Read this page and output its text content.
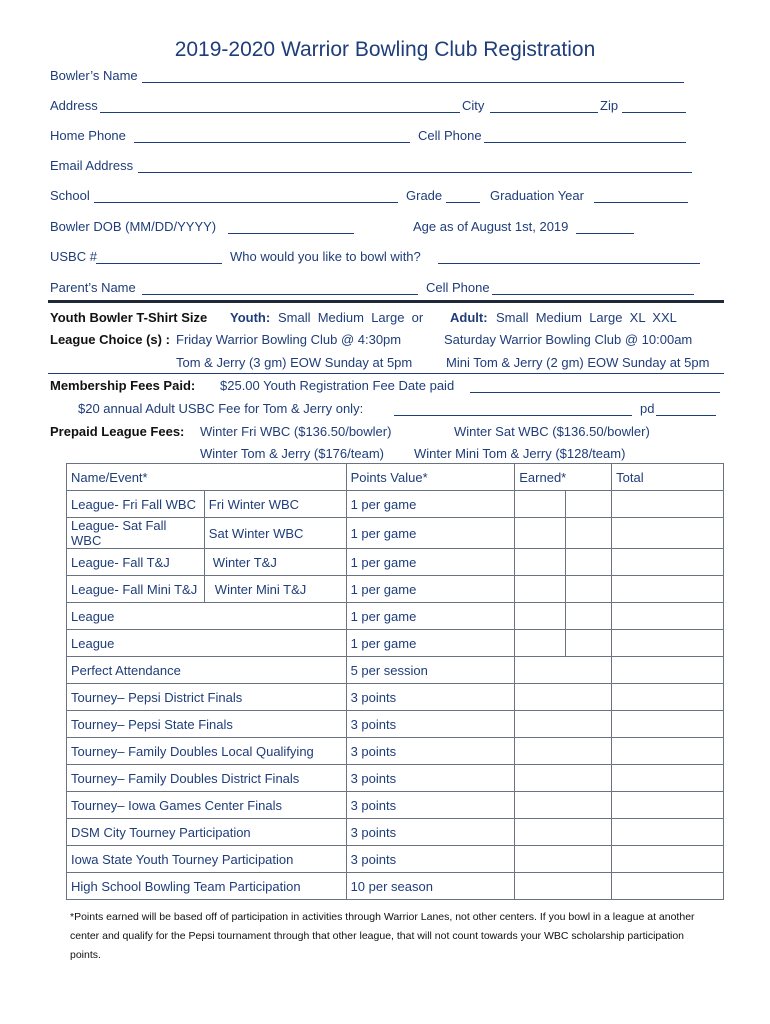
2019-2020 Warrior Bowling Club Registration
Bowler’s Name
Address	City	Zip
Home Phone	Cell Phone
Email Address
School	Grade	Graduation Year
Bowler DOB (MM/DD/YYYY)	Age as of August 1st, 2019
USBC #	Who would you like to bowl with?
Parent’s Name	Cell Phone
Youth Bowler T-Shirt Size Youth: Small  Medium  Large  or Adult: Small  Medium  Large  XL  XXL
League Choice (s) : Friday Warrior Bowling Club @ 4:30pm	Saturday Warrior Bowling Club @ 10:00am
Tom & Jerry (3 gm) EOW Sunday at 5pm	Mini Tom & Jerry (2 gm) EOW Sunday at 5pm
Membership Fees Paid: $25.00 Youth Registration Fee Date paid
$20 annual Adult USBC Fee for Tom & Jerry only:	pd
Prepaid League Fees: Winter Fri WBC ($136.50/bowler)	Winter Sat WBC ($136.50/bowler)
Winter Tom & Jerry ($176/team) Winter Mini Tom & Jerry ($128/team)
Name/Event*		Points Value*	Earned*		Total
League- Fri Fall WBC	Fri Winter WBC	1 per game			
League- Sat Fall WBC	Sat Winter WBC	1 per game			
League- Fall T&J	Winter T&J	1 per game			
League- Fall Mini T&J	Winter Mini T&J	1 per game			
League		1 per game			
League		1 per game			
Perfect Attendance		5 per session			
Tourney– Pepsi District Finals		3 points			
Tourney– Pepsi State Finals		3 points			
Tourney– Family Doubles Local Qualifying		3 points			
Tourney– Family Doubles District Finals		3 points			
Tourney– Iowa Games Center Finals		3 points			
DSM City Tourney Participation		3 points			
Iowa State Youth Tourney Participation		3 points			
High School Bowling Team Participation		10 per season			
*Points earned will be based off of participation in activities through Warrior Lanes, not other centers. If you bowl in a league at another center and qualify for the Pepsi tournament through that other league, that will not count towards your WBC scholarship participation points.
